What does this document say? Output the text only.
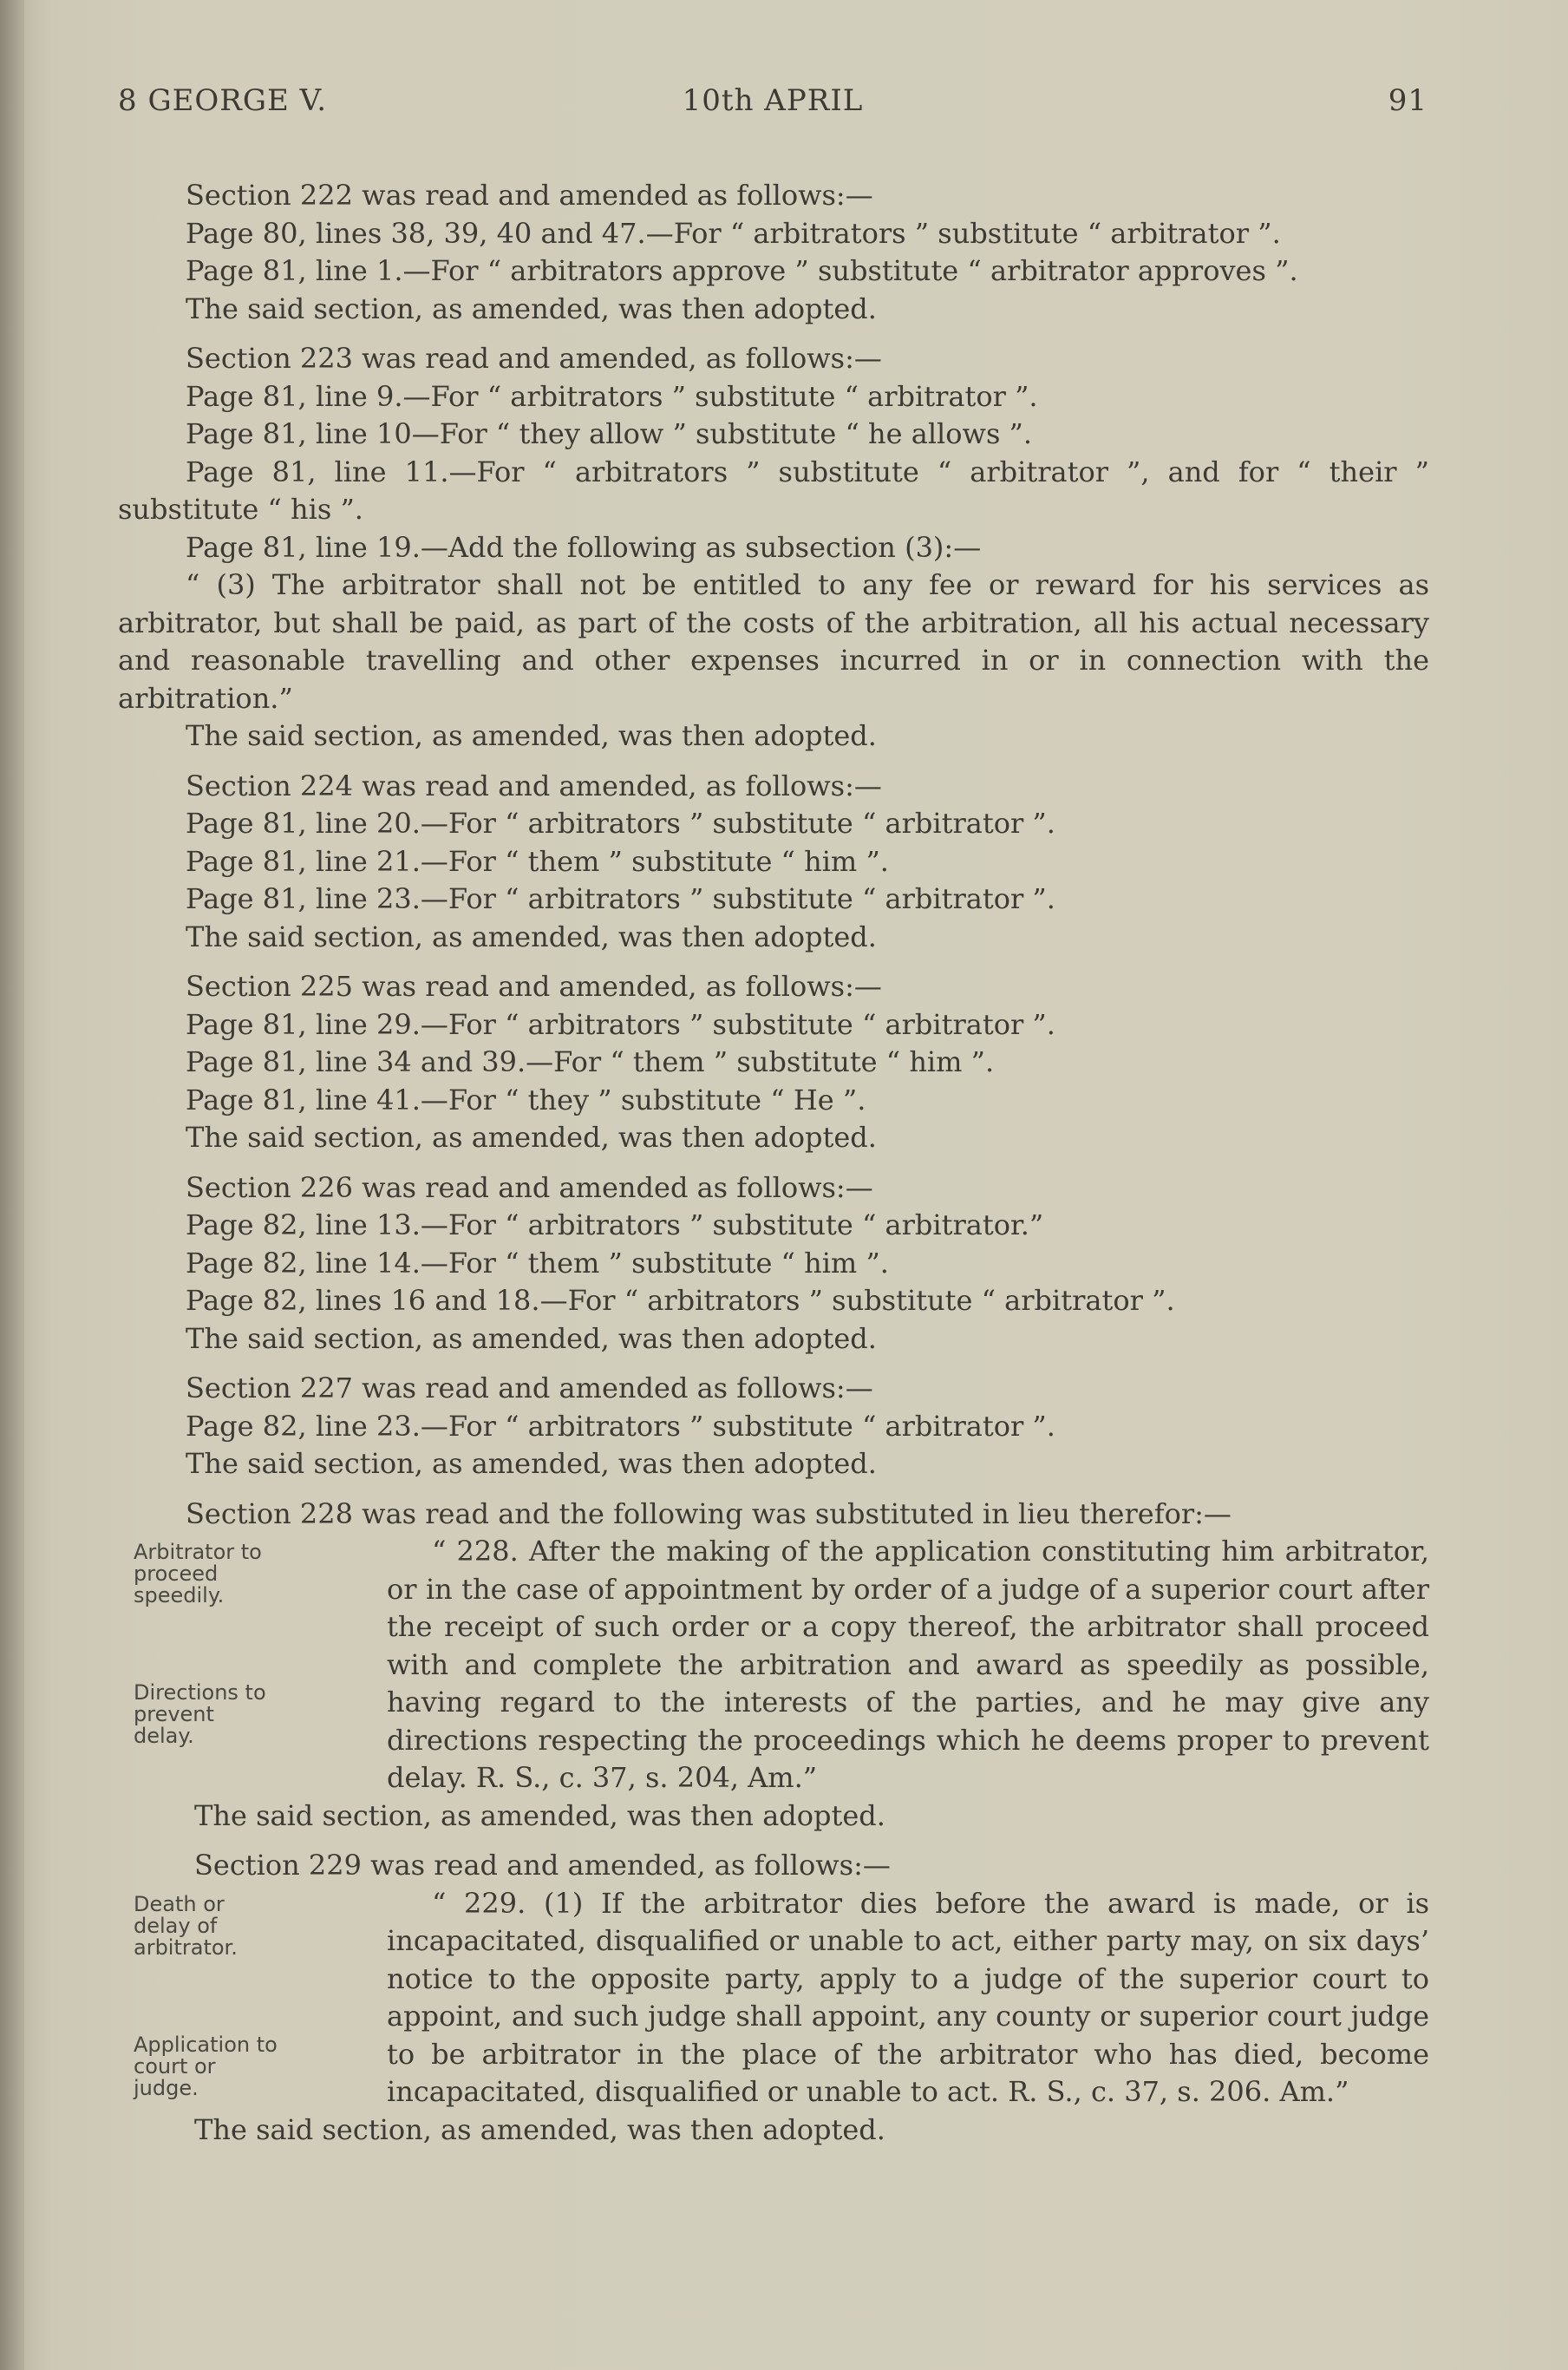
8 GEORGE V.	10th APRIL	91

Section 222 was read and amended as follows:—

Page 80, lines 38, 39, 40 and 47.—For “ arbitrators ” substitute “ arbitrator ”.

Page 81, line 1.—For “ arbitrators approve ” substitute “ arbitrator approves ”.

The said section, as amended, was then adopted.

Section 223 was read and amended, as follows:—

Page 81, line 9.—For “ arbitrators ” substitute “ arbitrator ”.

Page 81, line 10—For “ they allow ” substitute “ he allows ”.

Page 81, line 11.—For “ arbitrators ” substitute “ arbitrator ”, and for “ their ” substitute “ his ”.

Page 81, line 19.—Add the following as subsection (3):—

“ (3) The arbitrator shall not be entitled to any fee or reward for his services as arbitrator, but shall be paid, as part of the costs of the arbitration, all his actual necessary and reasonable travelling and other expenses incurred in or in connection with the arbitration.”

The said section, as amended, was then adopted.

Section 224 was read and amended, as follows:—

Page 81, line 20.—For “ arbitrators ” substitute “ arbitrator ”.

Page 81, line 21.—For “ them ” substitute “ him ”.

Page 81, line 23.—For “ arbitrators ” substitute “ arbitrator ”.

The said section, as amended, was then adopted.

Section 225 was read and amended, as follows:—

Page 81, line 29.—For “ arbitrators ” substitute “ arbitrator ”.

Page 81, line 34 and 39.—For “ them ” substitute “ him ”.

Page 81, line 41.—For “ they ” substitute “ He ”.

The said section, as amended, was then adopted.

Section 226 was read and amended as follows:—

Page 82, line 13.—For “ arbitrators ” substitute “ arbitrator.”

Page 82, line 14.—For “ them ” substitute “ him ”.

Page 82, lines 16 and 18.—For “ arbitrators ” substitute “ arbitrator ”.

The said section, as amended, was then adopted.

Section 227 was read and amended as follows:—

Page 82, line 23.—For “ arbitrators ” substitute “ arbitrator ”.

The said section, as amended, was then adopted.

Section 228 was read and the following was substituted in lieu therefor:—

Arbitrator to proceed speedily.
Directions to prevent delay.

“ 228. After the making of the application constituting him arbitrator, or in the case of appointment by order of a judge of a superior court after the receipt of such order or a copy thereof, the arbitrator shall proceed with and complete the arbitration and award as speedily as possible, having regard to the interests of the parties, and he may give any directions respecting the proceedings which he deems proper to prevent delay. R. S., c. 37, s. 204, Am.”

The said section, as amended, was then adopted.

Section 229 was read and amended, as follows:—

Death or delay of arbitrator.
Application to court or judge.

“ 229. (1) If the arbitrator dies before the award is made, or is incapacitated, disqualified or unable to act, either party may, on six days’ notice to the opposite party, apply to a judge of the superior court to appoint, and such judge shall appoint, any county or superior court judge to be arbitrator in the place of the arbitrator who has died, become incapacitated, disqualified or unable to act. R. S., c. 37, s. 206. Am.”

The said section, as amended, was then adopted.
